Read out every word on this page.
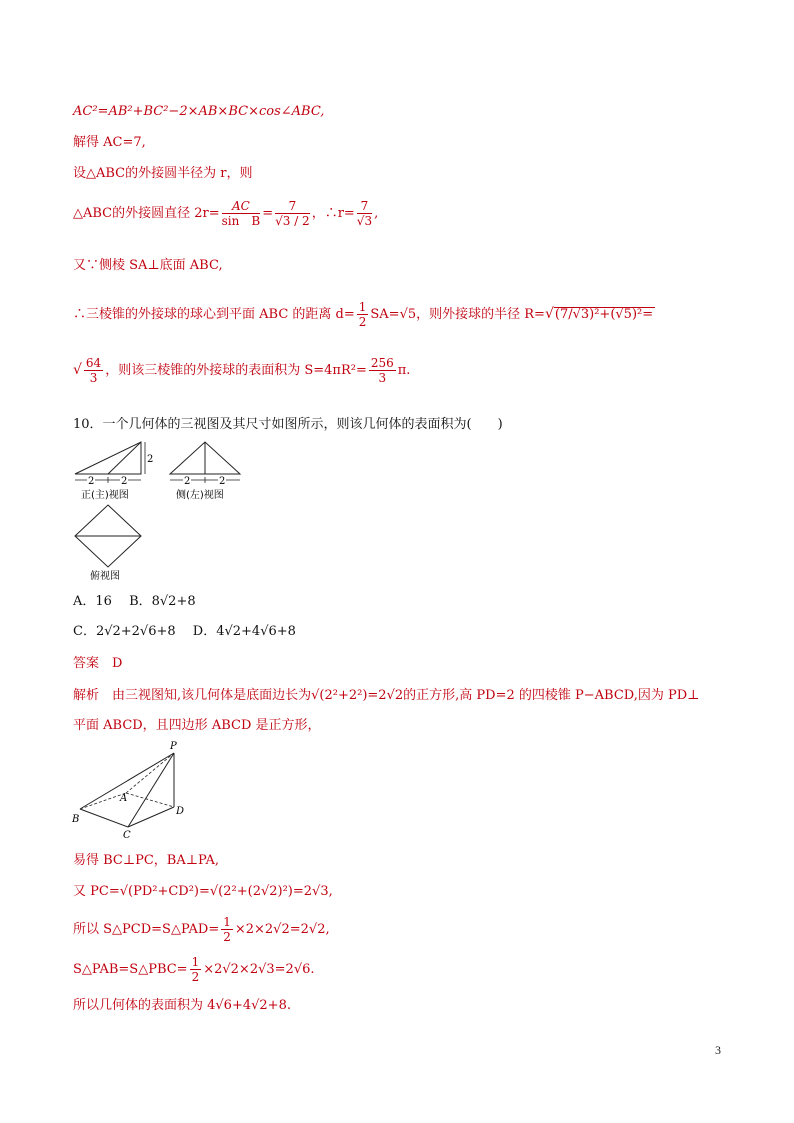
AC²=AB²+BC²−2×AB×BC×cos∠ABC,
解得 AC=7,
设△ABC的外接圆半径为 r，则
△ABC的外接圆直径 $2r= \frac{AC}{\text{sin　B}} = \frac{7}{√3 / 2}$ ，∴r= $\frac{7}{√3}$ ,
又∵侧棱 SA⊥底面 ABC,
∴三棱锥的外接球的球心到平面 ABC 的距离 $d= \frac{1}{2} SA=√5$，则外接球的半径 R=√(7/√3)²+(√5)²=
√ $\frac{64}{3}$ ，则该三棱锥的外接球的表面积为 $S=4\pi R^2= \frac{256}{3} \pi$.
10．一个几何体的三视图及其尺寸如图所示，则该几何体的表面积为(　　)
2
2	2
正(主)视图
2	2
侧(左)视图
俯视图
A．16　 B．8√2+8
C．2√2+2√6+8　 D．4√2+4√6+8
答案　D
解析　由三视图知,该几何体是底面边长为√(2²+2²)=2√2的正方形,高 PD=2 的四棱锥 P−ABCD,因为 PD⊥
平面 ABCD，且四边形 ABCD 是正方形，
P
A
B
C
D
易得 BC⊥PC，BA⊥PA,
又 PC=√(PD²+CD²)=√(2²+(2√2)²)=2√3,
所以 S△PCD=S△PAD= $\frac{1}{2} \times 2\times 2√2=2√2$,
S△PAB=S△PBC= $\frac{1}{2} \times 2√2\times 2√3=2√6$.
所以几何体的表面积为 4√6+4√2+8.
3
